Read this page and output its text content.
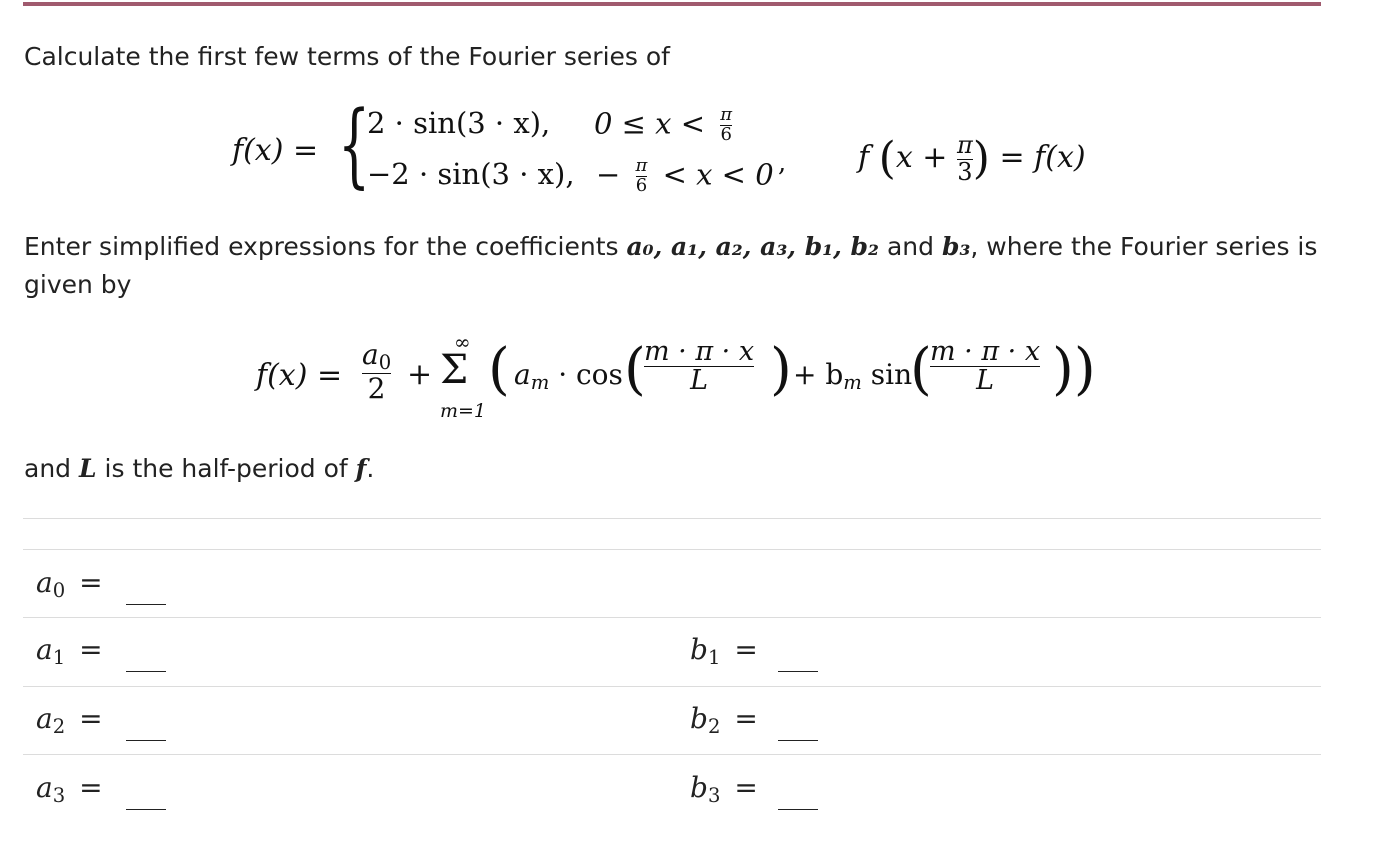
Calculate the first few terms of the Fourier series of
f(x) = {
2 · sin(3 · x), $0 \le x < \frac{\pi}{6}$
−2 · sin(3 · x), − $\frac{\pi}{6} < x < 0$ , f ($x + \frac{\pi}{3}$ ) = f(x)
Enter simplified expressions for the coefficients a₀, a₁, a₂, a₃, b₁, b₂ and b₃, where the Fourier series is
given by
$f(x) = \frac{a_0}{2}$ +
∞
Σ
m=1
( $a_m \cdot \cos$ (
$\frac{m \cdot \pi \cdot x}{L}$ ) + $b_m$ sin
(
$\frac{m \cdot \pi \cdot x}{L}$ ))
and L is the half-period of f.
$a_0$ =
$a_1$ =	$b_1$ =
$a_2$ =	$b_2$ =
$a_3$ =	$b_3$ =
